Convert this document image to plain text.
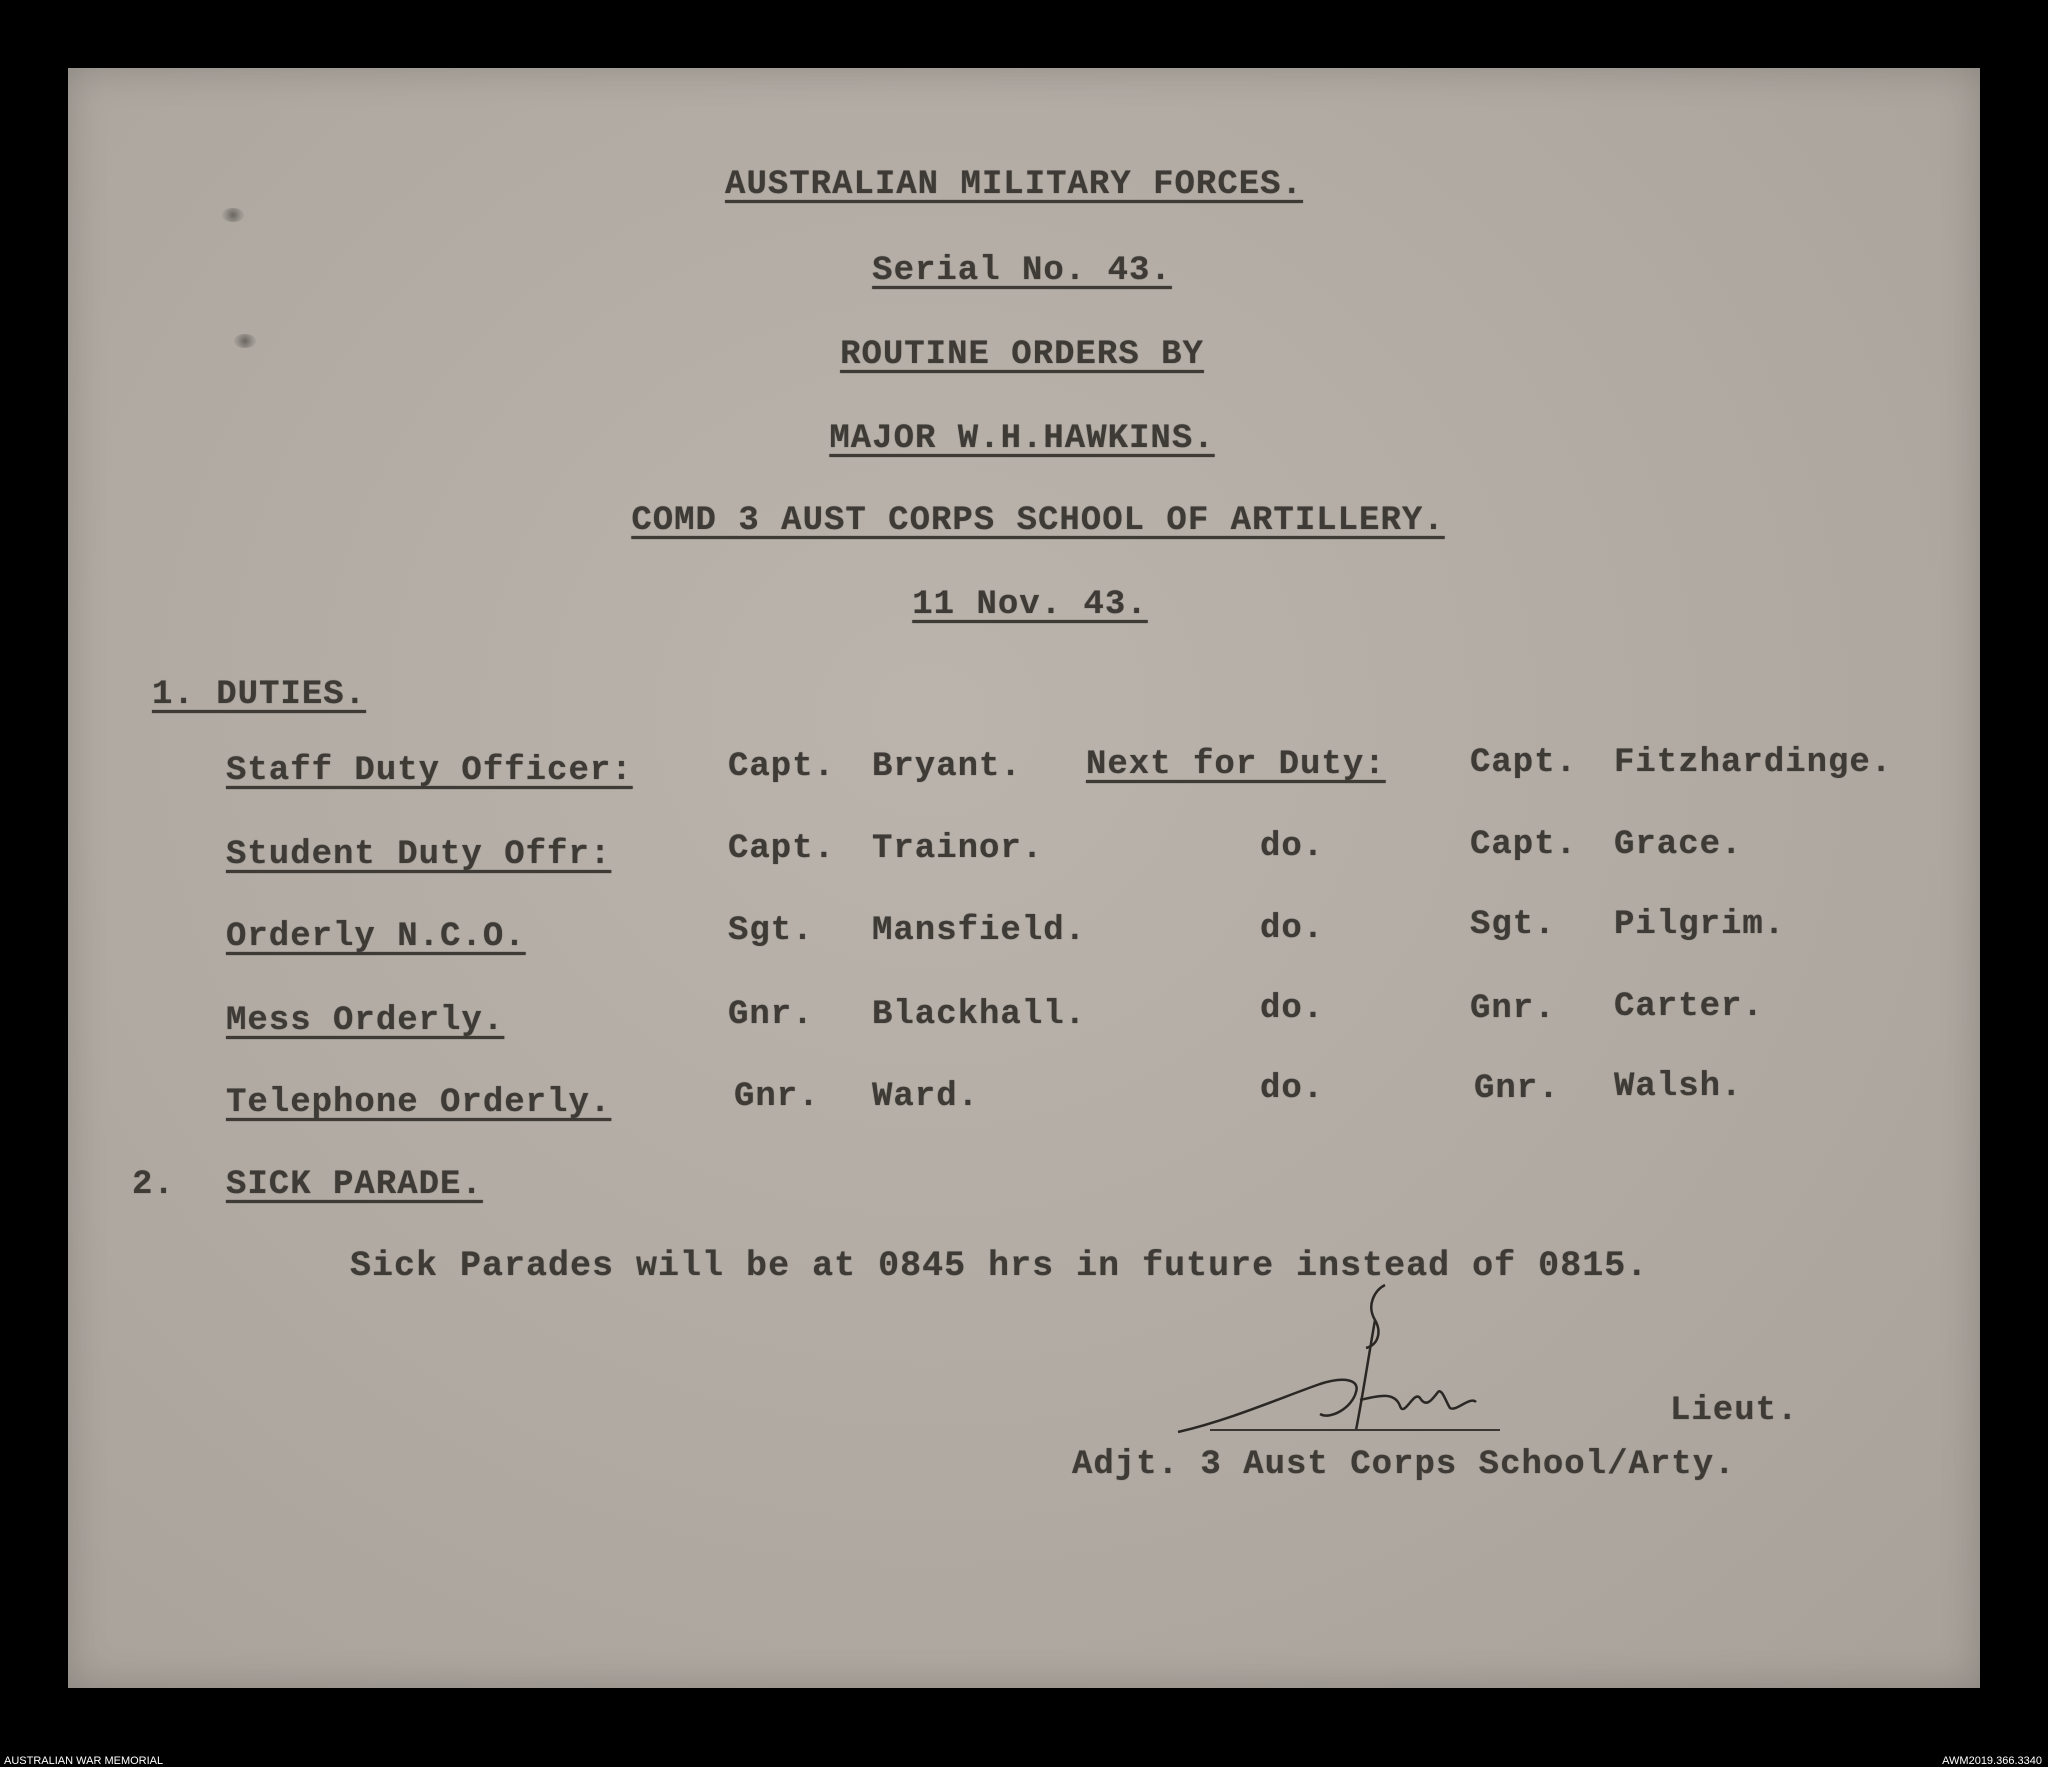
AUSTRALIAN MILITARY FORCES.
Serial No. 43.
ROUTINE ORDERS BY
MAJOR W.H.HAWKINS.
COMD 3 AUST CORPS SCHOOL OF ARTILLERY.
11 Nov. 43.
1. DUTIES.
Staff Duty Officer:	Capt. Bryant. Next for Duty: Capt. Fitzhardinge.
Student Duty Offr:	Capt. Trainor.	do.	Capt. Grace.
Orderly N.C.O.	Sgt. Mansfield.	do.	Sgt. Pilgrim.
Mess Orderly.	Gnr. Blackhall.	do.	Gnr. Carter.
Telephone Orderly.	Gnr. Ward.	do.	Gnr. Walsh.
2. SICK PARADE.
Sick Parades will be at 0845 hrs in future instead of 0815.
Lieut.
Adjt. 3 Aust Corps School/Arty.
AUSTRALIAN WAR MEMORIAL	AWM2019.366.3340
